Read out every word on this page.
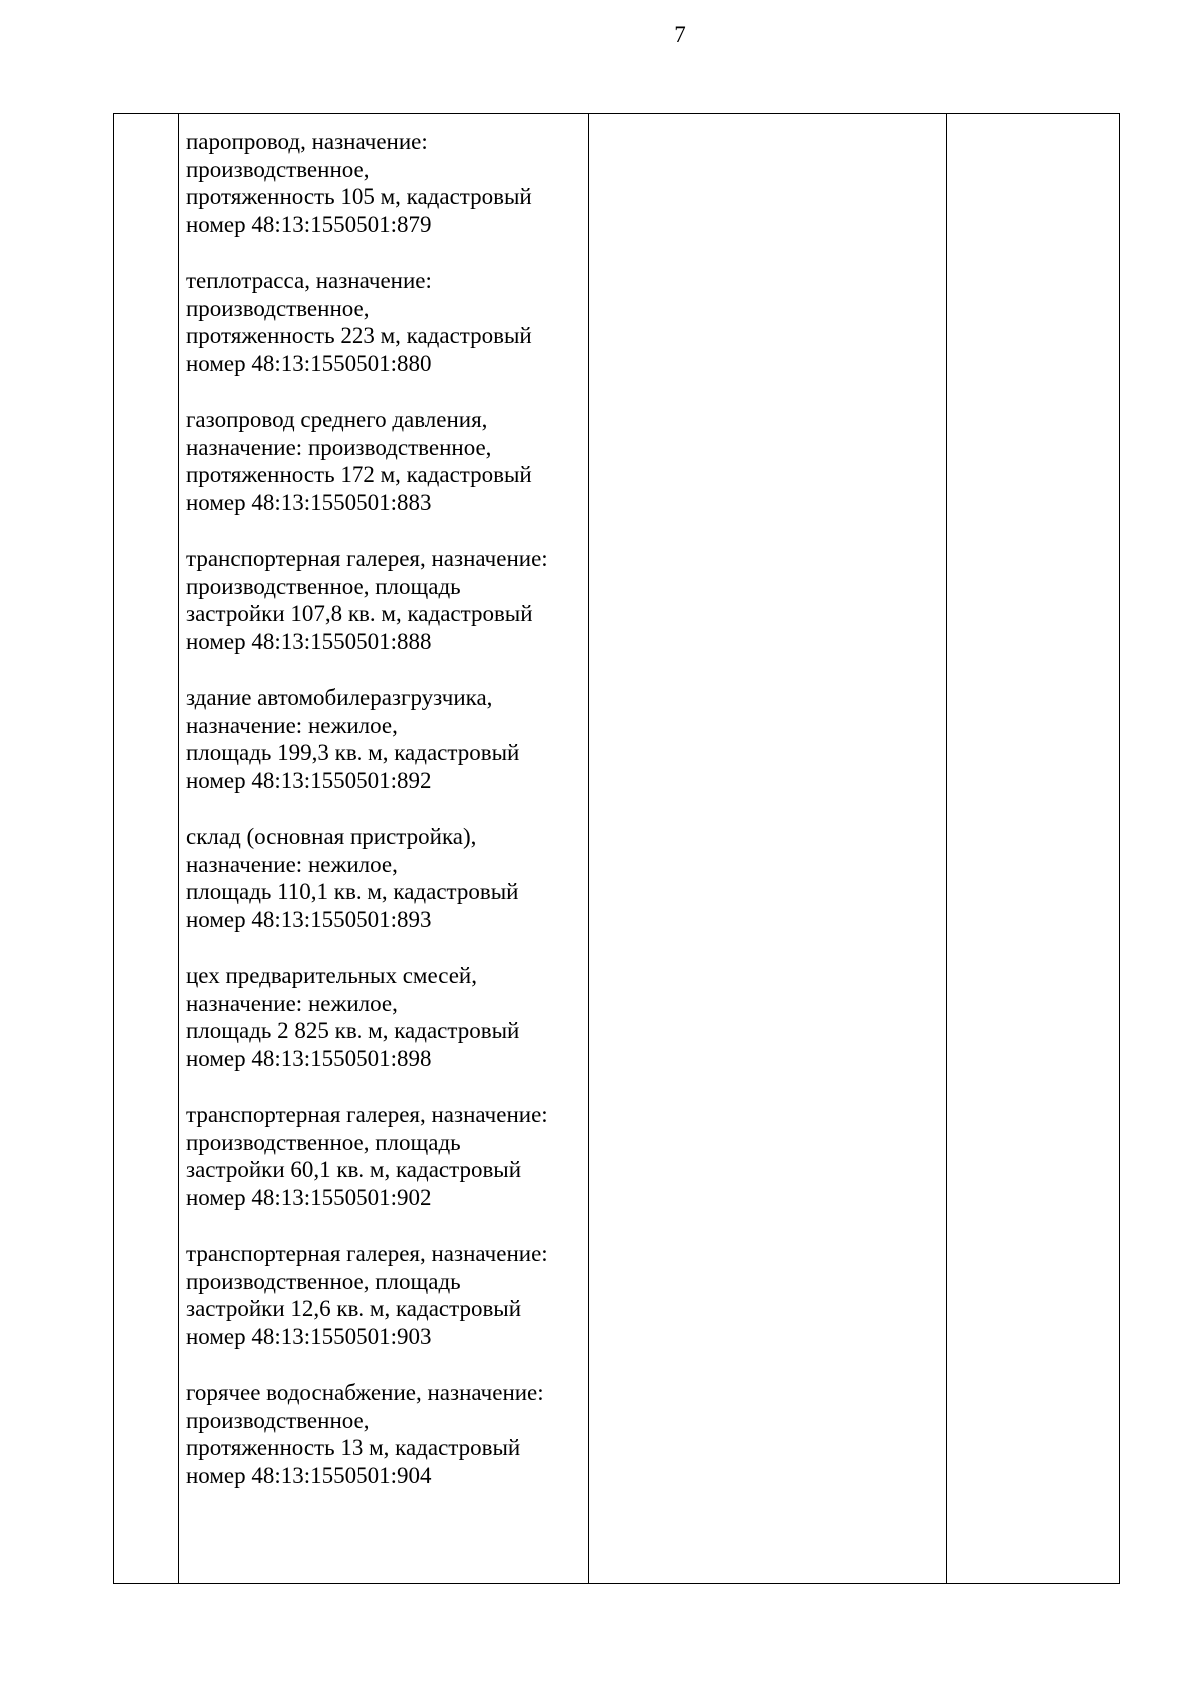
7

паропровод, назначение:
производственное,
протяженность 105 м, кадастровый
номер 48:13:1550501:879
теплотрасса, назначение:
производственное,
протяженность 223 м, кадастровый
номер 48:13:1550501:880
газопровод среднего давления,
назначение: производственное,
протяженность 172 м, кадастровый
номер 48:13:1550501:883
транспортерная галерея, назначение:
производственное, площадь
застройки 107,8 кв. м, кадастровый
номер 48:13:1550501:888
здание автомобилеразгрузчика,
назначение: нежилое,
площадь 199,3 кв. м, кадастровый
номер 48:13:1550501:892
склад (основная пристройка),
назначение: нежилое,
площадь 110,1 кв. м, кадастровый
номер 48:13:1550501:893
цех предварительных смесей,
назначение: нежилое,
площадь 2 825 кв. м, кадастровый
номер 48:13:1550501:898
транспортерная галерея, назначение:
производственное, площадь
застройки 60,1 кв. м, кадастровый
номер 48:13:1550501:902
транспортерная галерея, назначение:
производственное, площадь
застройки 12,6 кв. м, кадастровый
номер 48:13:1550501:903
горячее водоснабжение, назначение:
производственное,
протяженность 13 м, кадастровый
номер 48:13:1550501:904
